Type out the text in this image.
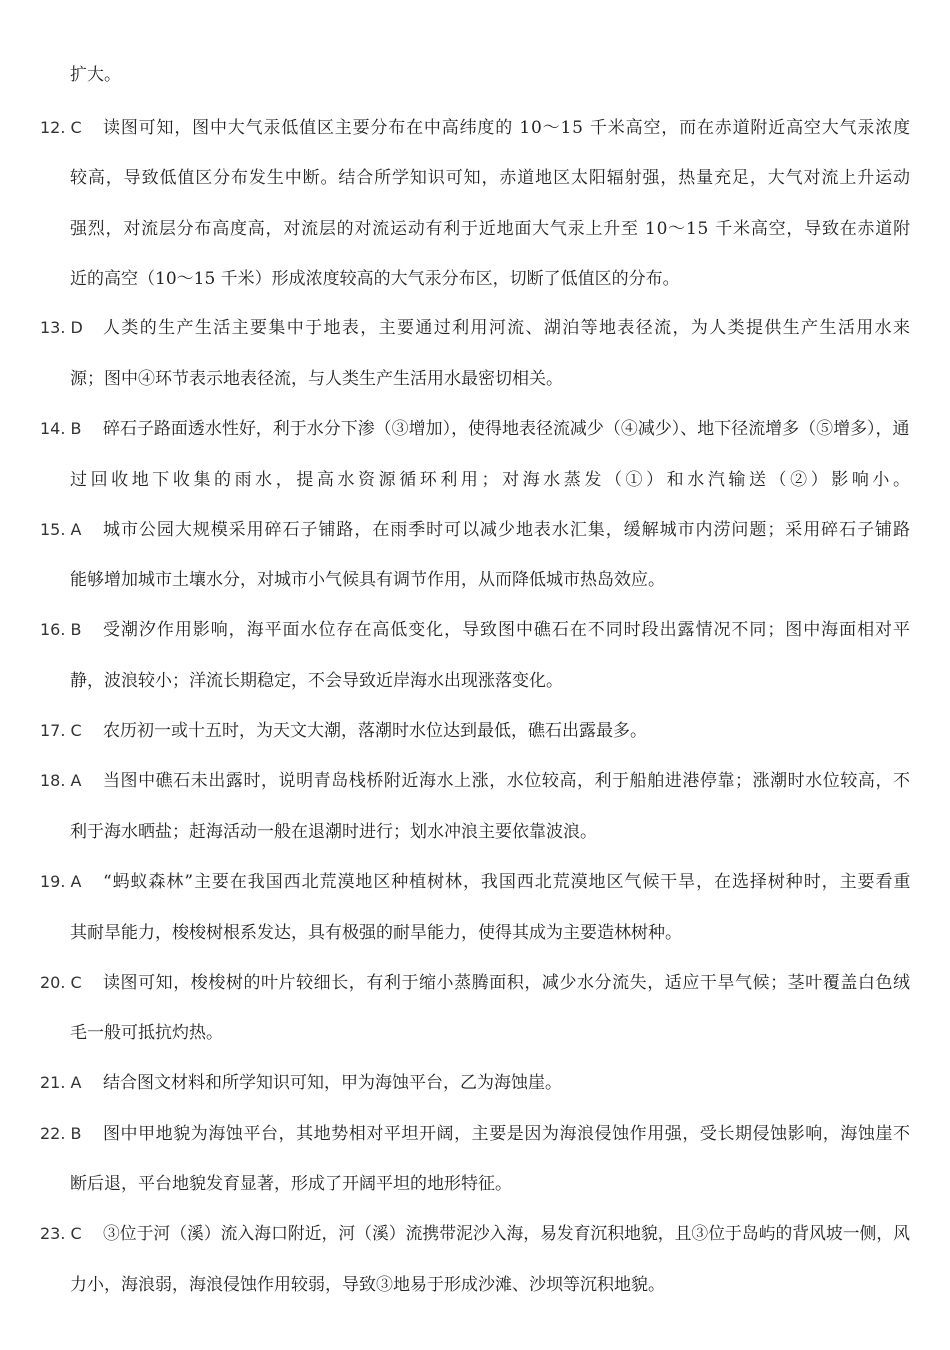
扩大。
12. C 读图可知，图中大气汞低值区主要分布在中高纬度的 10～15 千米高空，而在赤道附近高空大气汞浓度
较高，导致低值区分布发生中断。结合所学知识可知，赤道地区太阳辐射强，热量充足，大气对流上升运动
强烈，对流层分布高度高，对流层的对流运动有利于近地面大气汞上升至 10～15 千米高空，导致在赤道附
近的高空（10～15 千米）形成浓度较高的大气汞分布区，切断了低值区的分布。
13. D 人类的生产生活主要集中于地表，主要通过利用河流、湖泊等地表径流，为人类提供生产生活用水来
源；图中④环节表示地表径流，与人类生产生活用水最密切相关。
14. B 碎石子路面透水性好，利于水分下渗（③增加），使得地表径流减少（④减少）、地下径流增多（⑤增多），通
过回收地下收集的雨水，提高水资源循环利用；对海水蒸发（①）和水汽输送（②）影响小。
15. A 城市公园大规模采用碎石子铺路，在雨季时可以减少地表水汇集，缓解城市内涝问题；采用碎石子铺路
能够增加城市土壤水分，对城市小气候具有调节作用，从而降低城市热岛效应。
16. B 受潮汐作用影响，海平面水位存在高低变化，导致图中礁石在不同时段出露情况不同；图中海面相对平
静，波浪较小；洋流长期稳定，不会导致近岸海水出现涨落变化。
17. C 农历初一或十五时，为天文大潮，落潮时水位达到最低，礁石出露最多。
18. A 当图中礁石未出露时，说明青岛栈桥附近海水上涨，水位较高，利于船舶进港停靠；涨潮时水位较高，不
利于海水晒盐；赶海活动一般在退潮时进行；划水冲浪主要依靠波浪。
19. A “蚂蚁森林”主要在我国西北荒漠地区种植树林，我国西北荒漠地区气候干旱，在选择树种时，主要看重
其耐旱能力，梭梭树根系发达，具有极强的耐旱能力，使得其成为主要造林树种。
20. C 读图可知，梭梭树的叶片较细长，有利于缩小蒸腾面积，减少水分流失，适应干旱气候；茎叶覆盖白色绒
毛一般可抵抗灼热。
21. A 结合图文材料和所学知识可知，甲为海蚀平台，乙为海蚀崖。
22. B 图中甲地貌为海蚀平台，其地势相对平坦开阔，主要是因为海浪侵蚀作用强，受长期侵蚀影响，海蚀崖不
断后退，平台地貌发育显著，形成了开阔平坦的地形特征。
23. C ③位于河（溪）流入海口附近，河（溪）流携带泥沙入海，易发育沉积地貌，且③位于岛屿的背风坡一侧，风
力小，海浪弱，海浪侵蚀作用较弱，导致③地易于形成沙滩、沙坝等沉积地貌。
